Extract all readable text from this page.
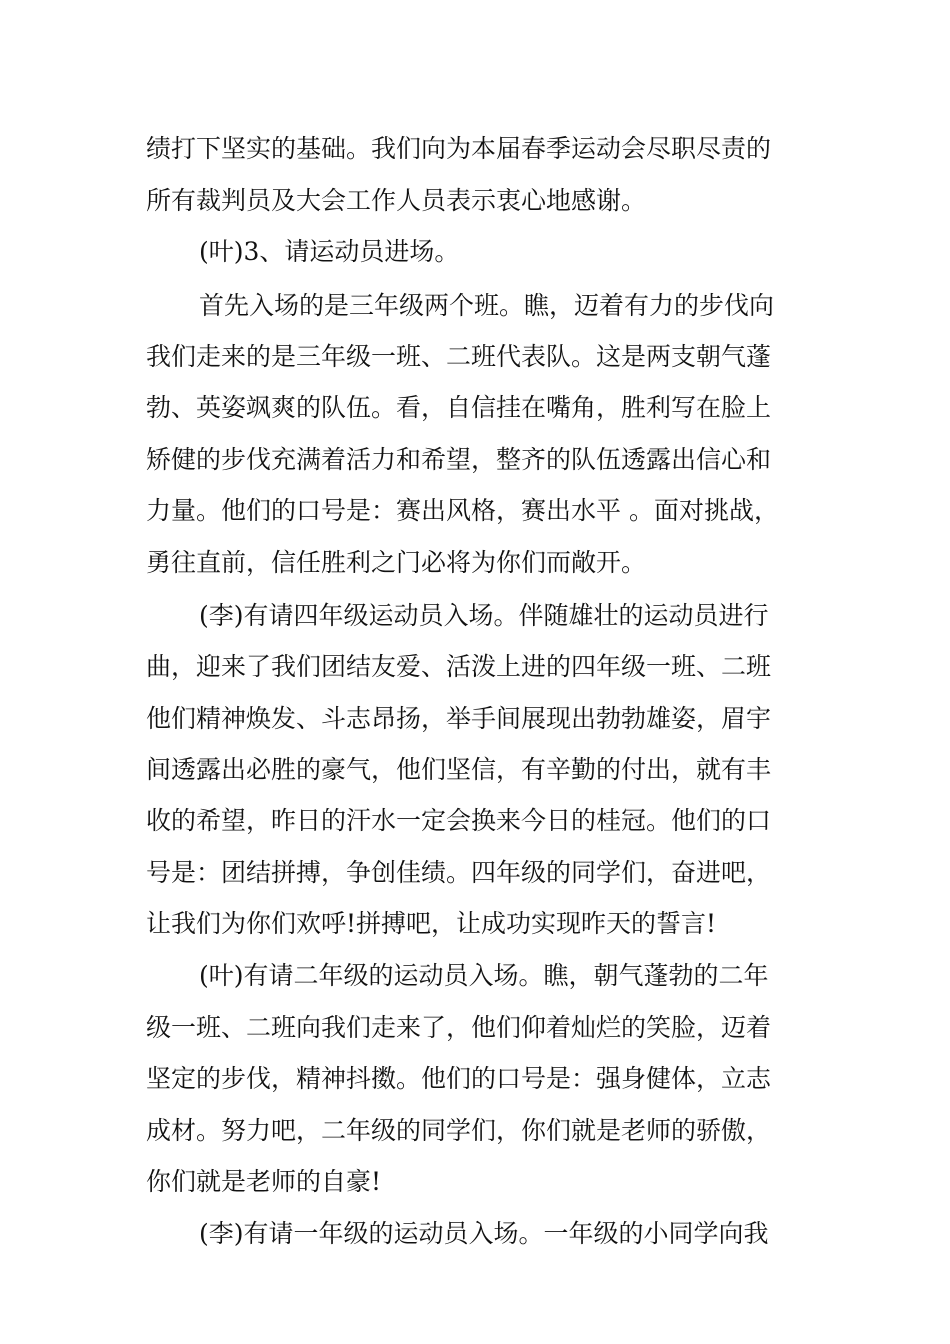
绩打下坚实的基础。我们向为本届春季运动会尽职尽责的
所有裁判员及大会工作人员表示衷心地感谢。
(叶)3、请运动员进场。
首先入场的是三年级两个班。瞧，迈着有力的步伐向
我们走来的是三年级一班、二班代表队。这是两支朝气蓬
勃、英姿飒爽的队伍。看，自信挂在嘴角，胜利写在脸上
矫健的步伐充满着活力和希望，整齐的队伍透露出信心和
力量。他们的口号是：赛出风格，赛出水平 。面对挑战，
勇往直前，信任胜利之门必将为你们而敞开。
(李)有请四年级运动员入场。伴随雄壮的运动员进行
曲，迎来了我们团结友爱、活泼上进的四年级一班、二班
他们精神焕发、斗志昂扬，举手间展现出勃勃雄姿，眉宇
间透露出必胜的豪气，他们坚信，有辛勤的付出，就有丰
收的希望，昨日的汗水一定会换来今日的桂冠。他们的口
号是：团结拼搏，争创佳绩。四年级的同学们，奋进吧，
让我们为你们欢呼!拼搏吧，让成功实现昨天的誓言!
(叶)有请二年级的运动员入场。瞧，朝气蓬勃的二年
级一班、二班向我们走来了，他们仰着灿烂的笑脸，迈着
坚定的步伐，精神抖擞。他们的口号是：强身健体，立志
成材。努力吧，二年级的同学们，你们就是老师的骄傲，
你们就是老师的自豪!
(李)有请一年级的运动员入场。一年级的小同学向我
